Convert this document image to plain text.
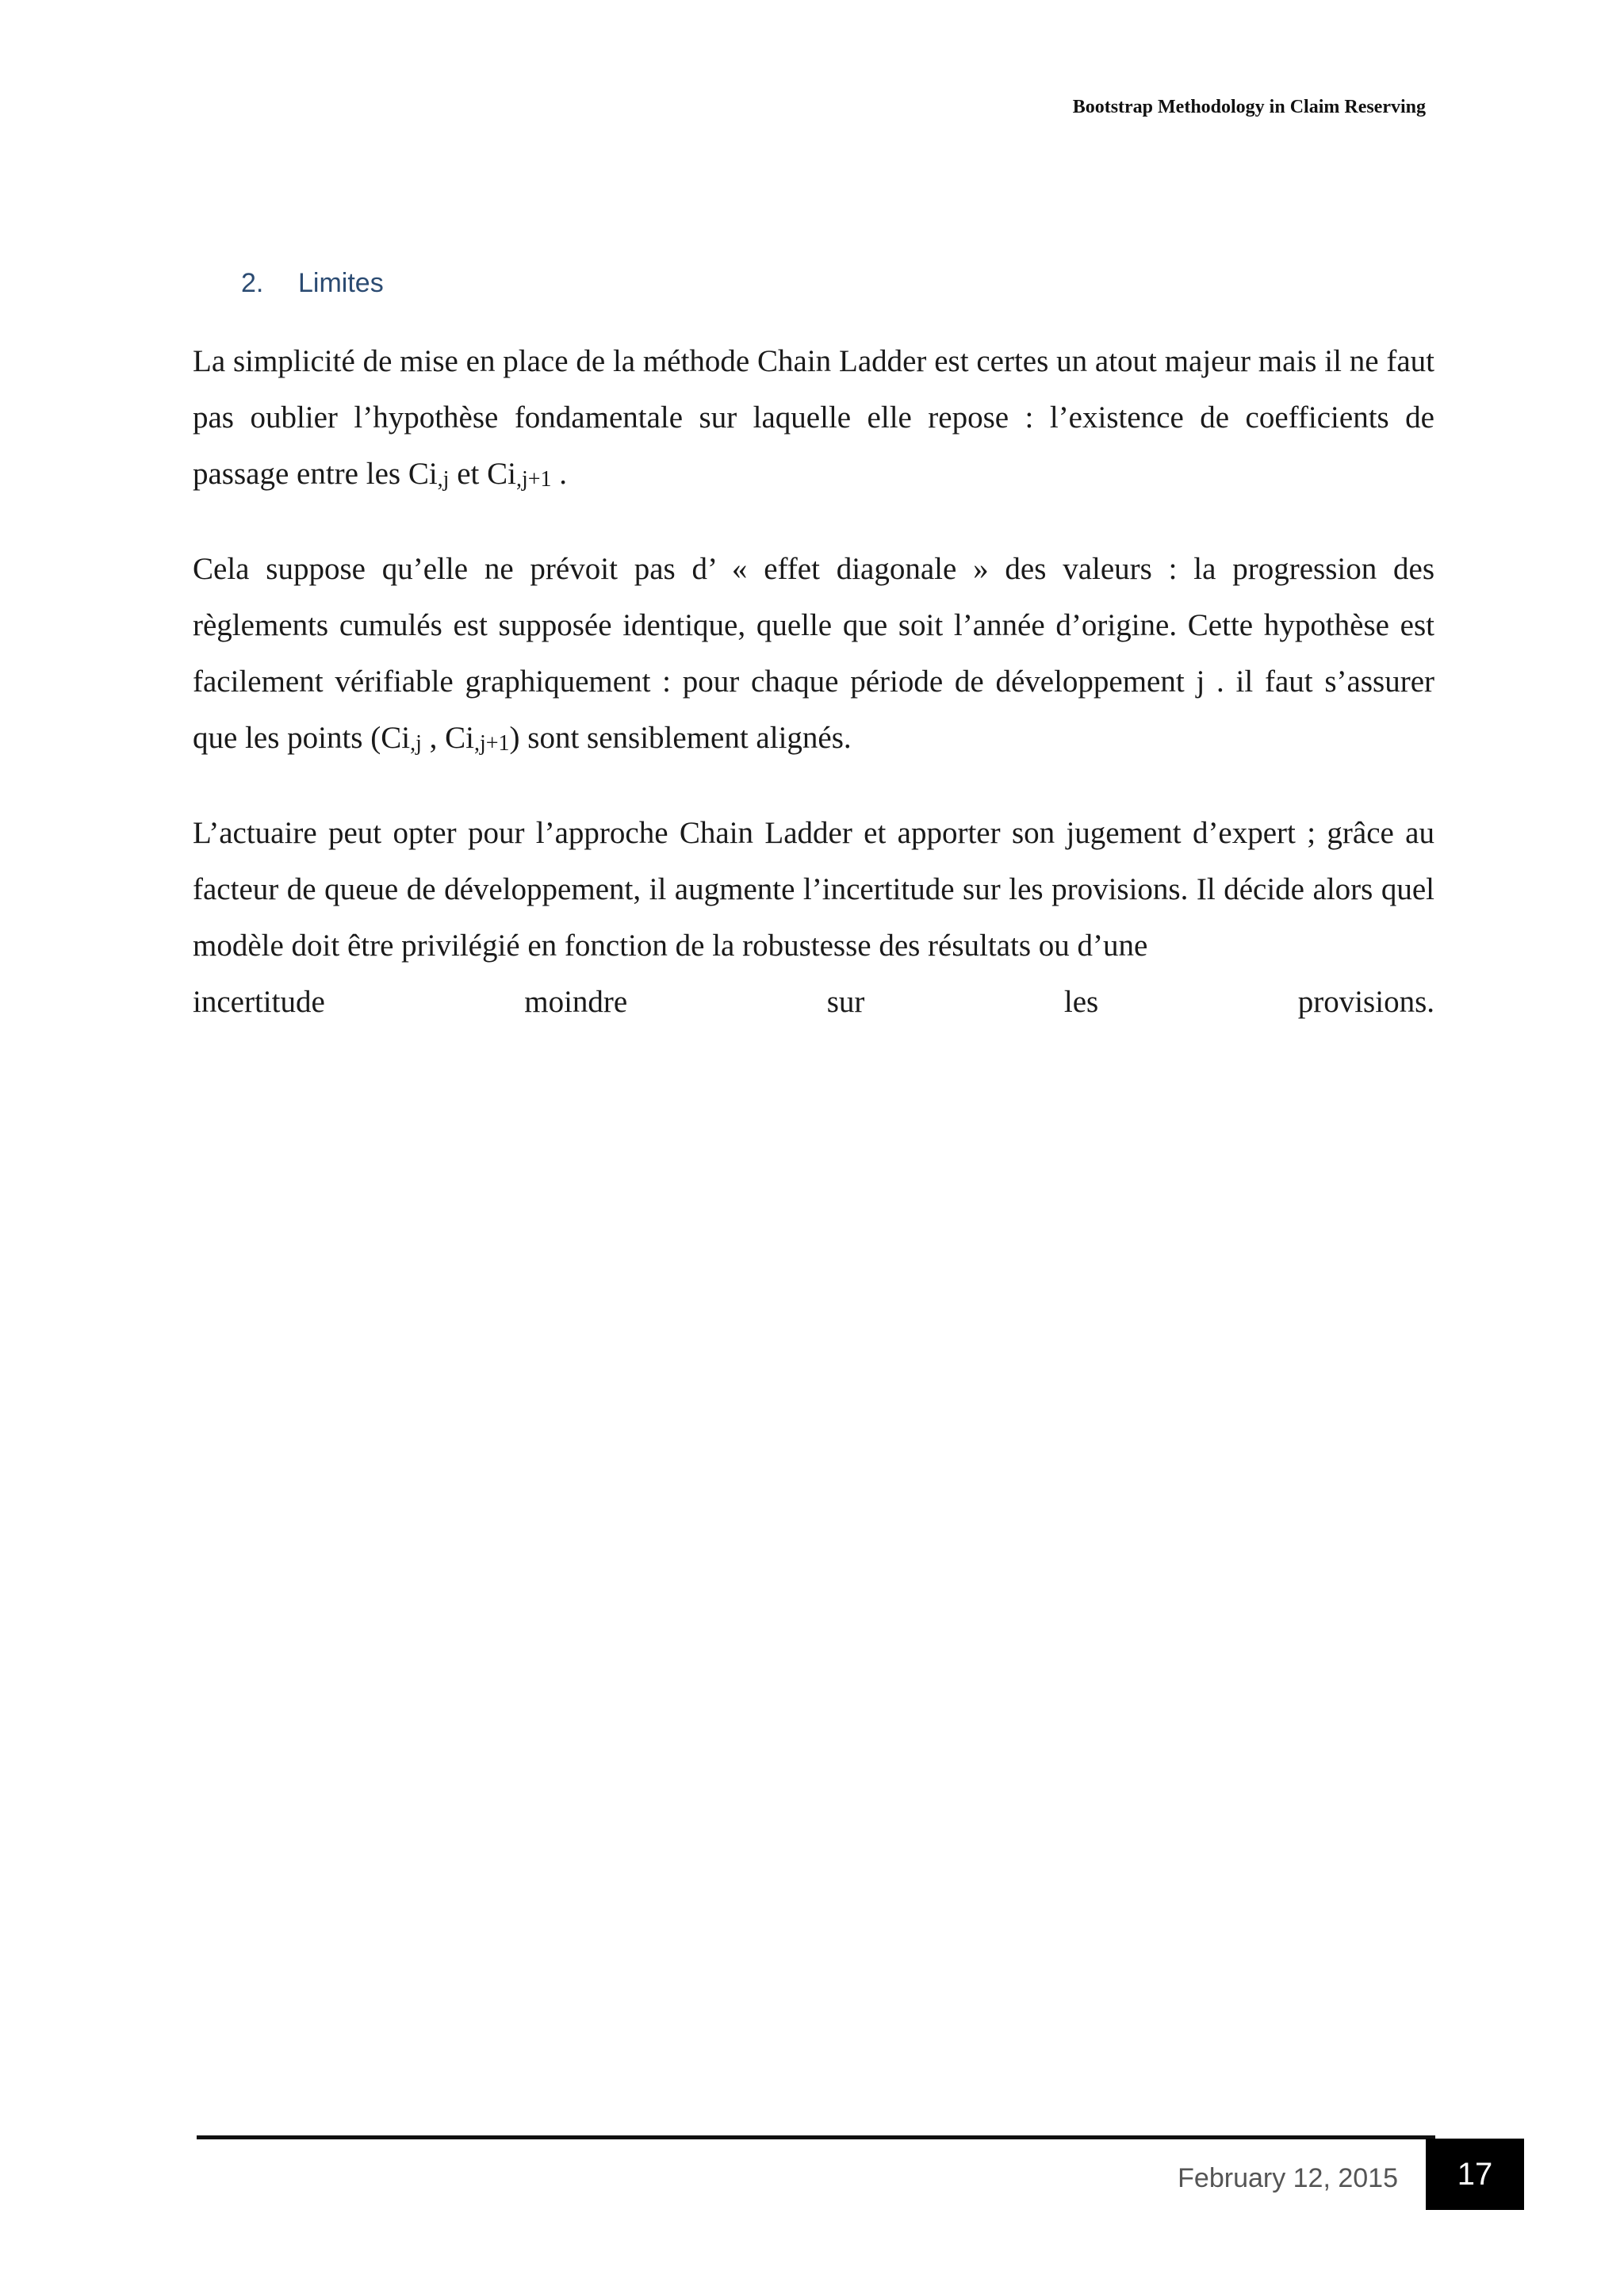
Bootstrap Methodology in Claim Reserving
2. Limites
La simplicité de mise en place de la méthode Chain Ladder est certes un atout majeur mais il ne faut pas oublier l’hypothèse fondamentale sur laquelle elle repose : l’existence de coefficients de passage entre les $Ci_{,j}$ et $Ci_{,j+1}$ .
Cela suppose qu’elle ne prévoit pas d’ « effet diagonale » des valeurs : la progression des règlements cumulés est supposée identique, quelle que soit l’année d’origine. Cette hypothèse est facilement vérifiable graphiquement : pour chaque période de développement j . il faut s’assurer que les points ($Ci_{,j}$ , $Ci_{,j+1}$) sont sensiblement alignés.
L’actuaire peut opter pour l’approche Chain Ladder et apporter son jugement d’expert ; grâce au facteur de queue de développement, il augmente l’incertitude sur les provisions. Il décide alors quel modèle doit être privilégié en fonction de la robustesse des résultats ou d’une
incertitude	moindre	sur	les	provisions.
February 12, 2015	17
